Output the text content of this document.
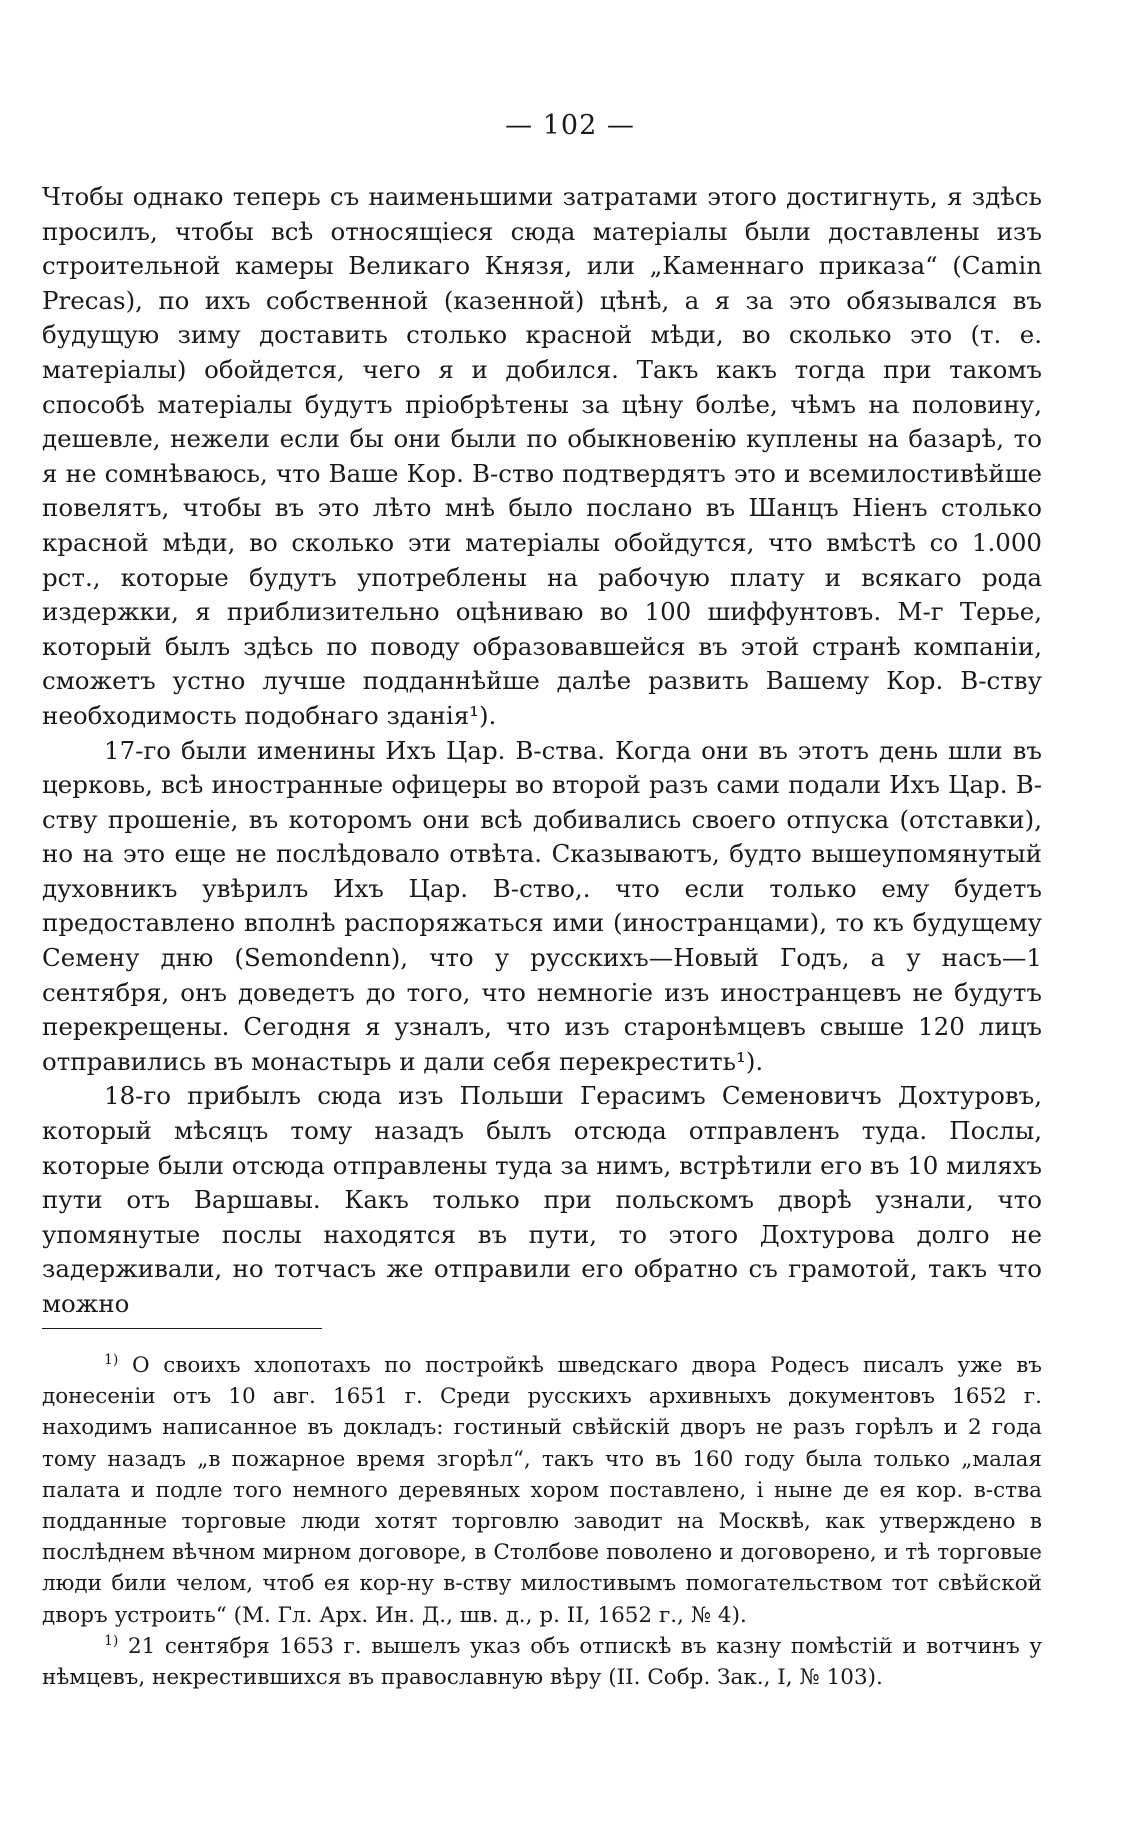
— 102 —

Чтобы однако теперь съ наименьшими затратами этого достигнуть, я здѣсь просилъ, чтобы всѣ относящіеся сюда матеріалы были доставлены изъ строительной камеры Великаго Князя, или „Каменнаго приказа“ (Camin Precas), по ихъ собственной (казенной) цѣнѣ, а я за это обязывался въ будущую зиму доставить столько красной мѣди, во сколько это (т. е. матеріалы) обойдется, чего я и добился. Такъ какъ тогда при такомъ способѣ матеріалы будутъ пріобрѣтены за цѣну болѣе, чѣмъ на половину, дешевле, нежели если бы они были по обыкновенію куплены на базарѣ, то я не сомнѣваюсь, что Ваше Кор. В-ство подтвердятъ это и всемилостивѣйше повелятъ, чтобы въ это лѣто мнѣ было послано въ Шанцъ Ніенъ столько красной мѣди, во сколько эти матеріалы обойдутся, что вмѣстѣ со 1.000 рст., которые будутъ употреблены на рабочую плату и всякаго рода издержки, я приблизительно оцѣниваю во 100 шиффунтовъ. М-г Терье, который былъ здѣсь по поводу образовавшейся въ этой странѣ компаніи, сможетъ устно лучше подданнѣйше далѣе развить Вашему Кор. В-ству необходимость подобнаго зданія¹).

17-го были именины Ихъ Цар. В-ства. Когда они въ этотъ день шли въ церковь, всѣ иностранные офицеры во второй разъ сами подали Ихъ Цар. В-ству прошеніе, въ которомъ они всѣ добивались своего отпуска (отставки), но на это еще не послѣдовало отвѣта. Сказываютъ, будто вышеупомянутый духовникъ увѣрилъ Ихъ Цар. В-ство,. что если только ему будетъ предоставлено вполнѣ распоряжаться ими (иностранцами), то къ будущему Семену дню (Semondenn), что у русскихъ—Новый Годъ, а у насъ—1 сентября, онъ доведетъ до того, что немногіе изъ иностранцевъ не будутъ перекрещены. Сегодня я узналъ, что изъ старонѣмцевъ свыше 120 лицъ отправились въ монастырь и дали себя перекрестить¹).

18-го прибылъ сюда изъ Польши Герасимъ Семеновичъ Дохтуровъ, который мѣсяцъ тому назадъ былъ отсюда отправленъ туда. Послы, которые были отсюда отправлены туда за нимъ, встрѣтили его въ 10 миляхъ пути отъ Варшавы. Какъ только при польскомъ дворѣ узнали, что упомянутые послы находятся въ пути, то этого Дохтурова долго не задерживали, но тотчасъ же отправили его обратно съ грамотой, такъ что можно

$^{1)}$ О своихъ хлопотахъ по постройкѣ шведскаго двора Родесъ писалъ уже въ донесеніи отъ 10 авг. 1651 г. Среди русскихъ архивныхъ документовъ 1652 г. находимъ написанное въ докладъ: гостиный свѣйскій дворъ не разъ горѣлъ и 2 года тому назадъ „в пожарное время згорѣл“, такъ что въ 160 году была только „малая палата и подле того немного деревяных хором поставлено, і ныне де ея кор. в-ства подданные торговые люди хотят торговлю заводит на Москвѣ, как утверждено в послѣднем вѣчном мирном договоре, в Столбове поволено и договорено, и тѣ торговые люди били челом, чтоб ея кор-ну в-ству милостивымъ помогательством тот свѣйской дворъ устроить“ (М. Гл. Арх. Ин. Д., шв. д., р. II, 1652 г., № 4).

$^{1)}$ 21 сентября 1653 г. вышелъ указ объ отпискѣ въ казну помѣстій и вотчинъ у нѣмцевъ, некрестившихся въ православную вѣру (II. Собр. Зак., I, № 103).
